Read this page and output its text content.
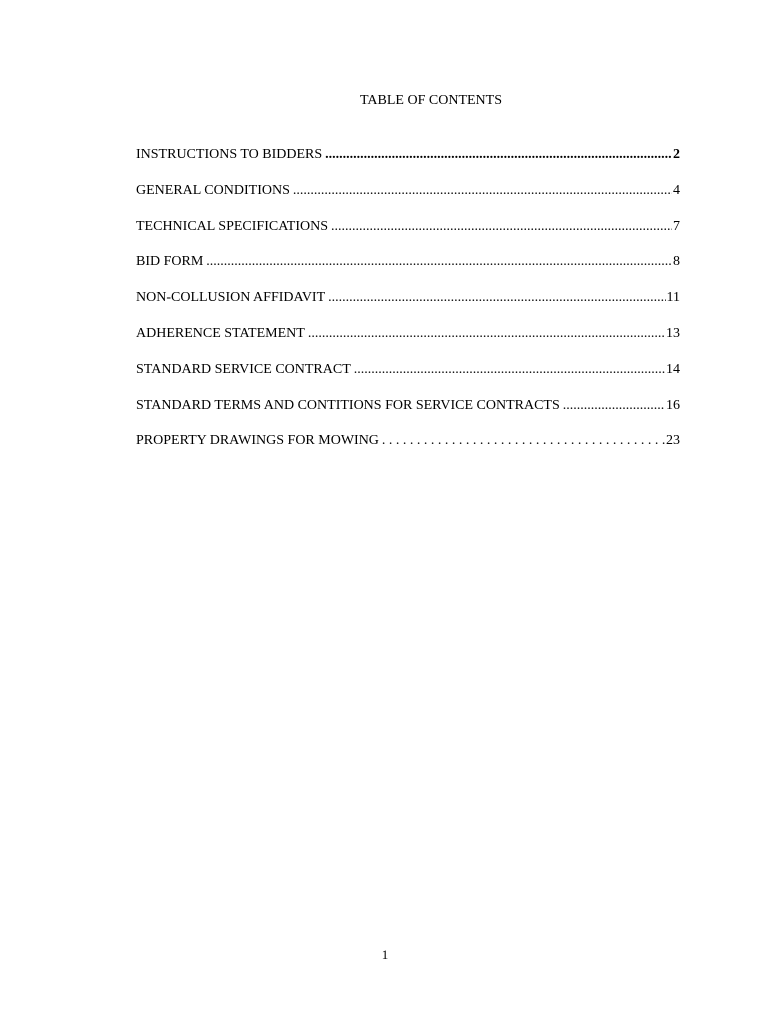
TABLE OF CONTENTS
INSTRUCTIONS TO BIDDERS .....	2
GENERAL CONDITIONS .....	4
TECHNICAL SPECIFICATIONS .....	7
BID FORM .....	8
NON-COLLUSION AFFIDAVIT .....	11
ADHERENCE STATEMENT .....	13
STANDARD SERVICE CONTRACT .....	14
STANDARD TERMS AND CONTITIONS FOR SERVICE CONTRACTS .....	16
PROPERTY DRAWINGS FOR MOWING . . .	23
1
